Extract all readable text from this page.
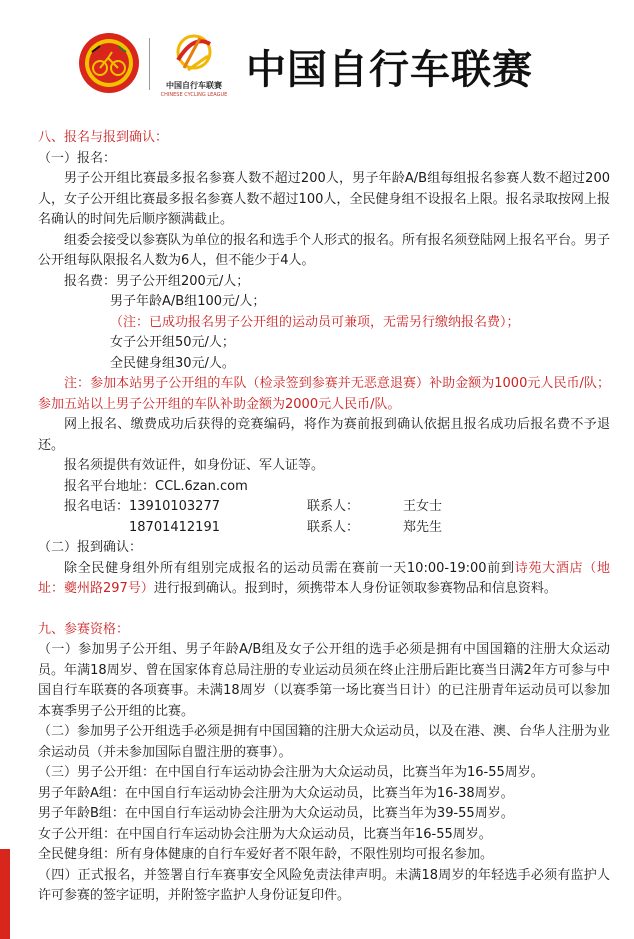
中国自行车联赛
CHINESE CYCLING LEAGUE
中国自行车联赛

八、报名与报到确认：

（一）报名：

男子公开组比赛最多报名参赛人数不超过200人，男子年龄A/B组每组报名参赛人数不超过200人，女子公开组比赛最多报名参赛人数不超过100人，全民健身组不设报名上限。报名录取按网上报名确认的时间先后顺序额满截止。

组委会接受以参赛队为单位的报名和选手个人形式的报名。所有报名须登陆网上报名平台。男子公开组每队限报名人数为6人，但不能少于4人。

报名费：男子公开组200元/人；

男子年龄A/B组100元/人；

（注：已成功报名男子公开组的运动员可兼项，无需另行缴纳报名费）；

女子公开组50元/人；

全民健身组30元/人。

注：参加本站男子公开组的车队（检录签到参赛并无恶意退赛）补助金额为1000元人民币/队；参加五站以上男子公开组的车队补助金额为2000元人民币/队。

网上报名、缴费成功后获得的竞赛编码，将作为赛前报到确认依据且报名成功后报名费不予退还。

报名须提供有效证件，如身份证、军人证等。

报名平台地址：CCL.6zan.com

报名电话：13910103277	联系人：	王女士
18701412191	联系人：	郑先生

（二）报到确认：

除全民健身组外所有组别完成报名的运动员需在赛前一天10:00-19:00前到诗苑大酒店（地址：夔州路297号）进行报到确认。报到时，须携带本人身份证领取参赛物品和信息资料。

九、参赛资格：

（一）参加男子公开组、男子年龄A/B组及女子公开组的选手必须是拥有中国国籍的注册大众运动员。年满18周岁、曾在国家体育总局注册的专业运动员须在终止注册后距比赛当日满2年方可参与中国自行车联赛的各项赛事。未满18周岁（以赛季第一场比赛当日计）的已注册青年运动员可以参加本赛季男子公开组的比赛。

（二）参加男子公开组选手必须是拥有中国国籍的注册大众运动员，以及在港、澳、台华人注册为业余运动员（并未参加国际自盟注册的赛事）。

（三）男子公开组：在中国自行车运动协会注册为大众运动员，比赛当年为16-55周岁。

男子年龄A组：在中国自行车运动协会注册为大众运动员，比赛当年为16-38周岁。

男子年龄B组：在中国自行车运动协会注册为大众运动员，比赛当年为39-55周岁。

女子公开组：在中国自行车运动协会注册为大众运动员，比赛当年16-55周岁。

全民健身组：所有身体健康的自行车爱好者不限年龄，不限性别均可报名参加。

（四）正式报名，并签署自行车赛事安全风险免责法律声明。未满18周岁的年轻选手必须有监护人许可参赛的签字证明，并附签字监护人身份证复印件。
